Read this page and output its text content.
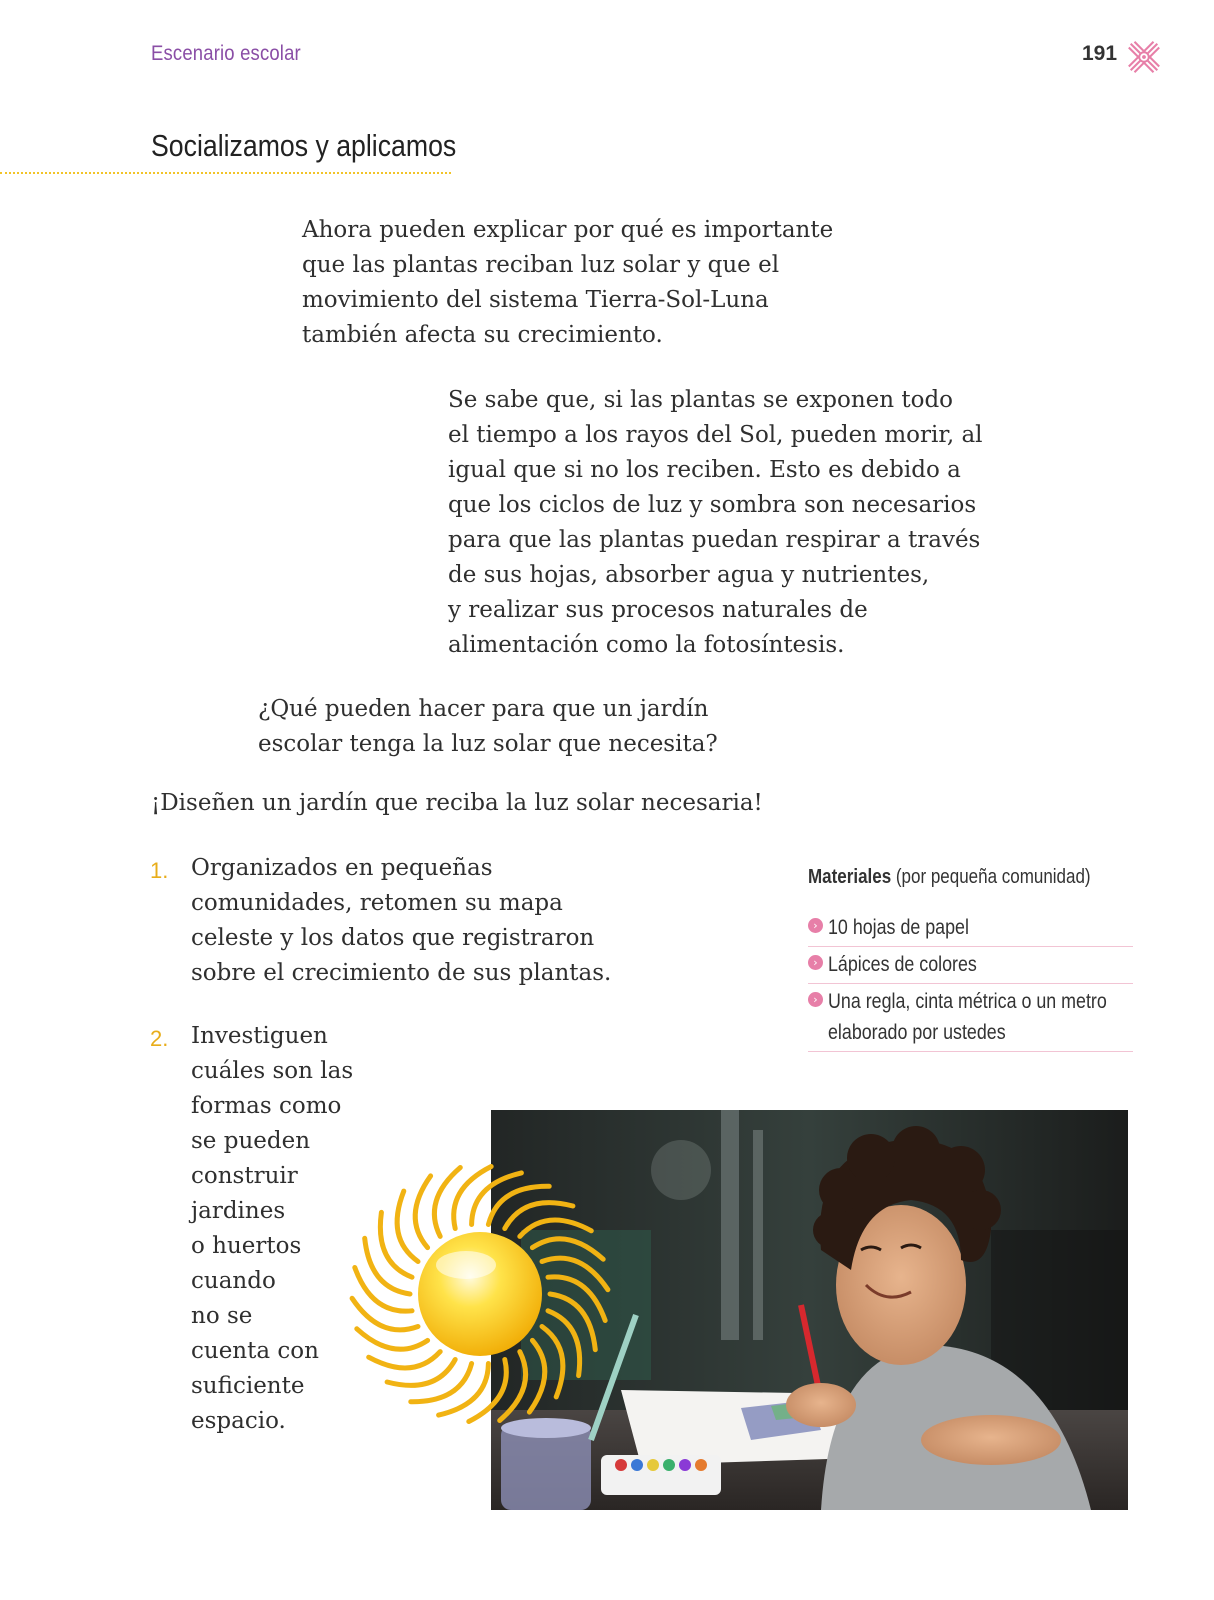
Escenario escolar	191
Socializamos y aplicamos

Ahora pueden explicar por qué es importante
que las plantas reciban luz solar y que el
movimiento del sistema Tierra-Sol-Luna
también afecta su crecimiento.

Se sabe que, si las plantas se exponen todo
el tiempo a los rayos del Sol, pueden morir, al
igual que si no los reciben. Esto es debido a
que los ciclos de luz y sombra son necesarios
para que las plantas puedan respirar a través
de sus hojas, absorber agua y nutrientes,
y realizar sus procesos naturales de
alimentación como la fotosíntesis.

¿Qué pueden hacer para que un jardín
escolar tenga la luz solar que necesita?

¡Diseñen un jardín que reciba la luz solar necesaria!

1. Organizados en pequeñas
comunidades, retomen su mapa
celeste y los datos que registraron
sobre el crecimiento de sus plantas.

2. Investiguen
cuáles son las
formas como
se pueden
construir
jardines
o huertos
cuando
no se
cuenta con
suficiente
espacio.

Materiales (por pequeña comunidad)
› 10 hojas de papel
› Lápices de colores
› Una regla, cinta métrica o un metro
elaborado por ustedes
